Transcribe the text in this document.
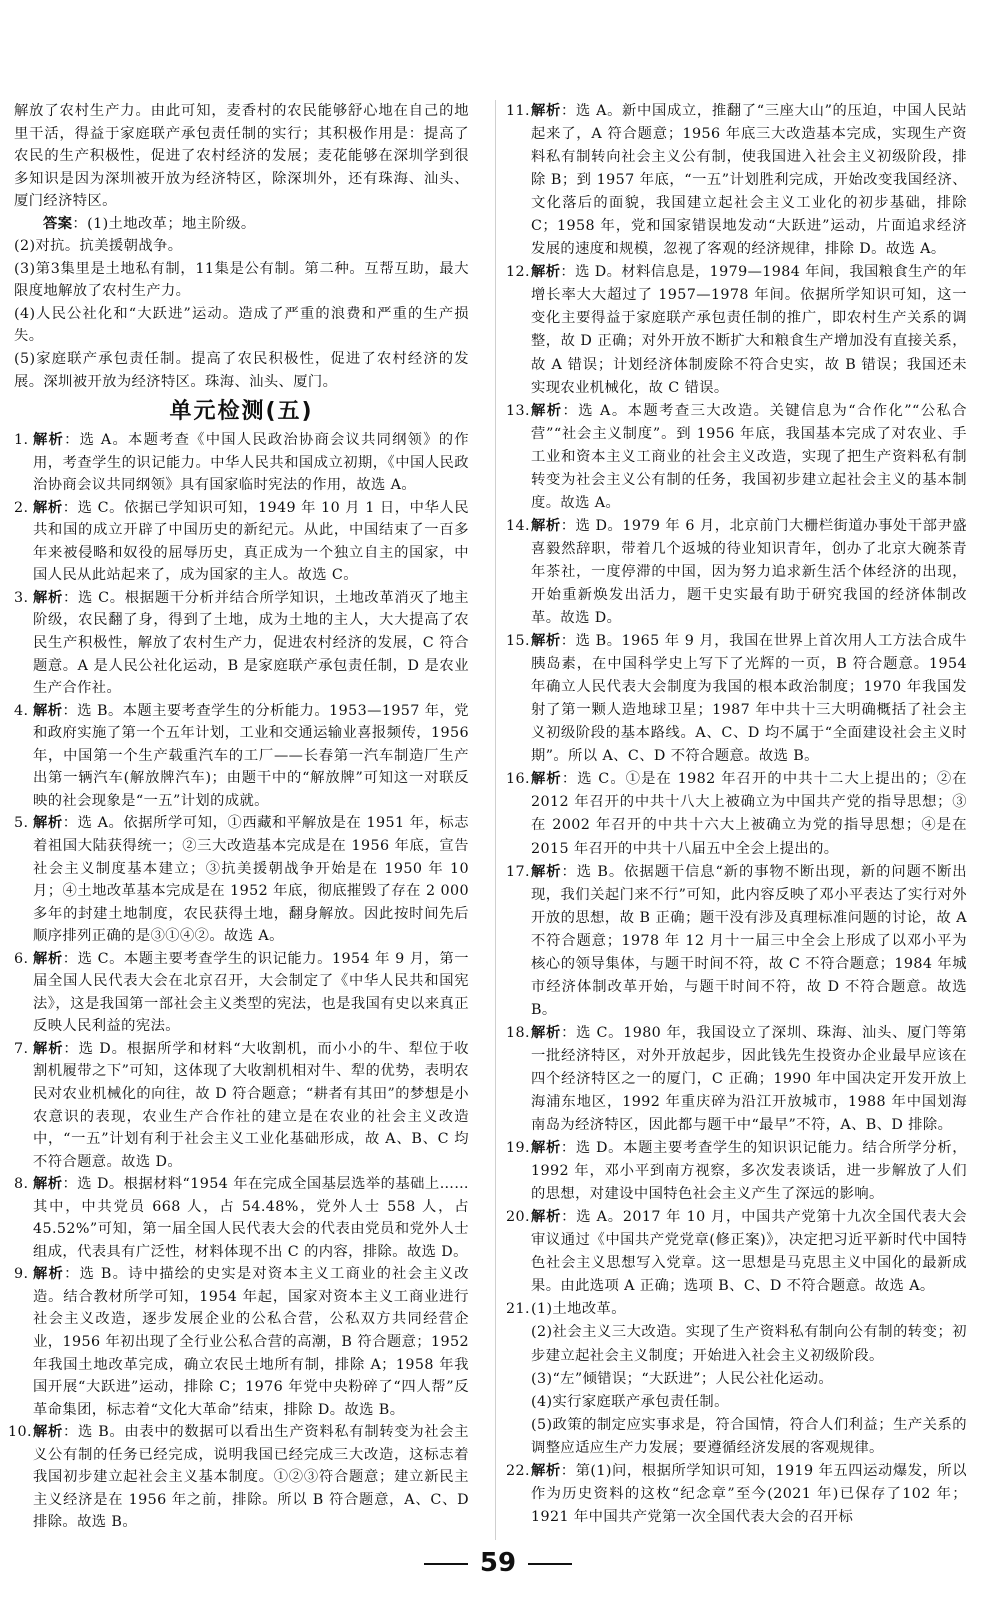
解放了农村生产力。由此可知，麦香村的农民能够舒心地在自己的地里干活，得益于家庭联产承包责任制的实行；其积极作用是：提高了农民的生产积极性，促进了农村经济的发展；麦花能够在深圳学到很多知识是因为深圳被开放为经济特区，除深圳外，还有珠海、汕头、厦门经济特区。

答案：(1)土地改革；地主阶级。

(2)对抗。抗美援朝战争。

(3)第3集里是土地私有制，11集是公有制。第二种。互帮互助，最大限度地解放了农村生产力。

(4)人民公社化和“大跃进”运动。造成了严重的浪费和严重的生产损失。

(5)家庭联产承包责任制。提高了农民积极性，促进了农村经济的发展。深圳被开放为经济特区。珠海、汕头、厦门。

单元检测(五)

1. 解析：选 A。本题考查《中国人民政治协商会议共同纲领》的作用，考查学生的识记能力。中华人民共和国成立初期，《中国人民政治协商会议共同纲领》具有国家临时宪法的作用，故选 A。

2. 解析：选 C。依据已学知识可知，1949 年 10 月 1 日，中华人民共和国的成立开辟了中国历史的新纪元。从此，中国结束了一百多年来被侵略和奴役的屈辱历史，真正成为一个独立自主的国家，中国人民从此站起来了，成为国家的主人。故选 C。

3. 解析：选 C。根据题干分析并结合所学知识，土地改革消灭了地主阶级，农民翻了身，得到了土地，成为土地的主人，大大提高了农民生产积极性，解放了农村生产力，促进农村经济的发展，C 符合题意。A 是人民公社化运动，B 是家庭联产承包责任制，D 是农业生产合作社。

4. 解析：选 B。本题主要考查学生的分析能力。1953—1957 年，党和政府实施了第一个五年计划，工业和交通运输业喜报频传，1956 年，中国第一个生产载重汽车的工厂——长春第一汽车制造厂生产出第一辆汽车(解放牌汽车)；由题干中的“解放牌”可知这一对联反映的社会现象是“一五”计划的成就。

5. 解析：选 A。依据所学可知，①西藏和平解放是在 1951 年，标志着祖国大陆获得统一；②三大改造基本完成是在 1956 年底，宣告社会主义制度基本建立；③抗美援朝战争开始是在 1950 年 10 月；④土地改革基本完成是在 1952 年底，彻底摧毁了存在 2 000 多年的封建土地制度，农民获得土地，翻身解放。因此按时间先后顺序排列正确的是③①④②。故选 A。

6. 解析：选 C。本题主要考查学生的识记能力。1954 年 9 月，第一届全国人民代表大会在北京召开，大会制定了《中华人民共和国宪法》，这是我国第一部社会主义类型的宪法，也是我国有史以来真正反映人民利益的宪法。

7. 解析：选 D。根据所学和材料“大收割机，而小小的牛、犁位于收割机履带之下”可知，这体现了大收割机相对牛、犁的优势，表明农民对农业机械化的向往，故 D 符合题意；“耕者有其田”的梦想是小农意识的表现，农业生产合作社的建立是在农业的社会主义改造中，“一五”计划有利于社会主义工业化基础形成，故 A、B、C 均不符合题意。故选 D。

8. 解析：选 D。根据材料“1954 年在完成全国基层选举的基础上……其中，中共党员 668 人，占 54.48%，党外人士 558 人，占 45.52%”可知，第一届全国人民代表大会的代表由党员和党外人士组成，代表具有广泛性，材料体现不出 C 的内容，排除。故选 D。

9. 解析：选 B。诗中描绘的史实是对资本主义工商业的社会主义改造。结合教材所学可知，1954 年起，国家对资本主义工商业进行社会主义改造，逐步发展企业的公私合营，公私双方共同经营企业，1956 年初出现了全行业公私合营的高潮，B 符合题意；1952 年我国土地改革完成，确立农民土地所有制，排除 A；1958 年我国开展“大跃进”运动，排除 C；1976 年党中央粉碎了“四人帮”反革命集团，标志着“文化大革命”结束，排除 D。故选 B。

10. 解析：选 B。由表中的数据可以看出生产资料私有制转变为社会主义公有制的任务已经完成，说明我国已经完成三大改造，这标志着我国初步建立起社会主义基本制度。①②③符合题意；建立新民主主义经济是在 1956 年之前，排除。所以 B 符合题意，A、C、D 排除。故选 B。

11. 解析：选 A。新中国成立，推翻了“三座大山”的压迫，中国人民站起来了，A 符合题意；1956 年底三大改造基本完成，实现生产资料私有制转向社会主义公有制，使我国进入社会主义初级阶段，排除 B；到 1957 年底，“一五”计划胜利完成，开始改变我国经济、文化落后的面貌，我国建立起社会主义工业化的初步基础，排除 C；1958 年，党和国家错误地发动“大跃进”运动，片面追求经济发展的速度和规模，忽视了客观的经济规律，排除 D。故选 A。

12. 解析：选 D。材料信息是，1979—1984 年间，我国粮食生产的年增长率大大超过了 1957—1978 年间。依据所学知识可知，这一变化主要得益于家庭联产承包责任制的推广，即农村生产关系的调整，故 D 正确；对外开放不断扩大和粮食生产增加没有直接关系，故 A 错误；计划经济体制废除不符合史实，故 B 错误；我国还未实现农业机械化，故 C 错误。

13. 解析：选 A。本题考查三大改造。关键信息为“合作化”“公私合营”“社会主义制度”。到 1956 年底，我国基本完成了对农业、手工业和资本主义工商业的社会主义改造，实现了把生产资料私有制转变为社会主义公有制的任务，我国初步建立起社会主义的基本制度。故选 A。

14. 解析：选 D。1979 年 6 月，北京前门大栅栏街道办事处干部尹盛喜毅然辞职，带着几个返城的待业知识青年，创办了北京大碗茶青年茶社，一度停滞的中国，因为努力追求新生活个体经济的出现，开始重新焕发出活力，题干史实最有助于研究我国的经济体制改革。故选 D。

15. 解析：选 B。1965 年 9 月，我国在世界上首次用人工方法合成牛胰岛素，在中国科学史上写下了光辉的一页，B 符合题意。1954 年确立人民代表大会制度为我国的根本政治制度；1970 年我国发射了第一颗人造地球卫星；1987 年中共十三大明确概括了社会主义初级阶段的基本路线。A、C、D 均不属于“全面建设社会主义时期”。所以 A、C、D 不符合题意。故选 B。

16. 解析：选 C。①是在 1982 年召开的中共十二大上提出的；②在2012 年召开的中共十八大上被确立为中国共产党的指导思想；③在 2002 年召开的中共十六大上被确立为党的指导思想；④是在 2015 年召开的中共十八届五中全会上提出的。

17. 解析：选 B。依据题干信息“新的事物不断出现，新的问题不断出现，我们关起门来不行”可知，此内容反映了邓小平表达了实行对外开放的思想，故 B 正确；题干没有涉及真理标准问题的讨论，故 A 不符合题意；1978 年 12 月十一届三中全会上形成了以邓小平为核心的领导集体，与题干时间不符，故 C 不符合题意；1984 年城市经济体制改革开始，与题干时间不符，故 D 不符合题意。故选 B。

18. 解析：选 C。1980 年，我国设立了深圳、珠海、汕头、厦门等第一批经济特区，对外开放起步，因此钱先生投资办企业最早应该在四个经济特区之一的厦门，C 正确；1990 年中国决定开发开放上海浦东地区，1992 年重庆碎为沿江开放城市，1988 年中国划海南岛为经济特区，因此都与题干中“最早”不符，A、B、D 排除。

19. 解析：选 D。本题主要考查学生的知识识记能力。结合所学分析，1992 年，邓小平到南方视察，多次发表谈话，进一步解放了人们的思想，对建设中国特色社会主义产生了深远的影响。

20. 解析：选 A。2017 年 10 月，中国共产党第十九次全国代表大会审议通过《中国共产党党章(修正案)》，决定把习近平新时代中国特色社会主义思想写入党章。这一思想是马克思主义中国化的最新成果。由此选项 A 正确；选项 B、C、D 不符合题意。故选 A。

21. (1)土地改革。

(2)社会主义三大改造。实现了生产资料私有制向公有制的转变；初步建立起社会主义制度；开始进入社会主义初级阶段。

(3)“左”倾错误；“大跃进”；人民公社化运动。

(4)实行家庭联产承包责任制。

(5)政策的制定应实事求是，符合国情，符合人们利益；生产关系的调整应适应生产力发展；要遵循经济发展的客观规律。

22. 解析：第(1)问，根据所学知识可知，1919 年五四运动爆发，所以作为历史资料的这枚“纪念章”至今(2021 年)已保存了102 年；1921 年中国共产党第一次全国代表大会的召开标

59
